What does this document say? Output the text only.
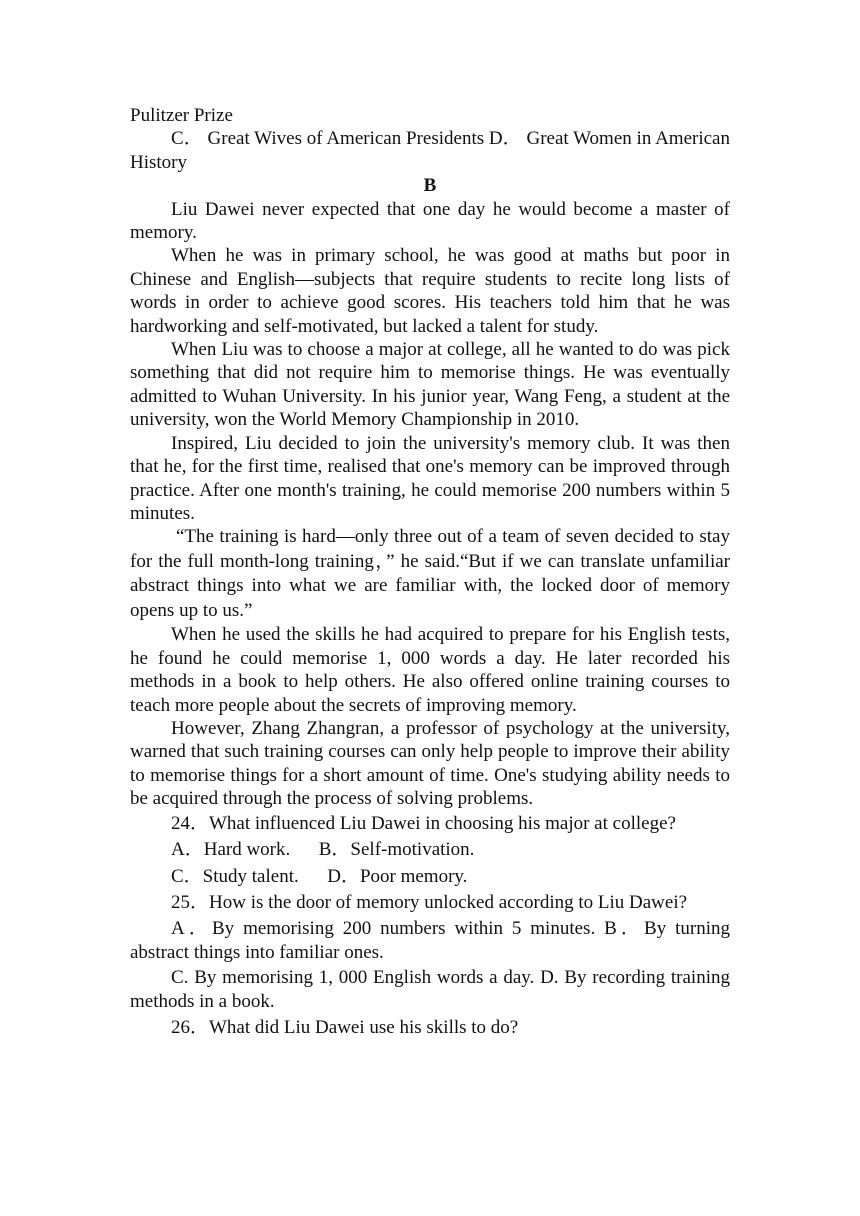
Pulitzer Prize

C． Great Wives of American Presidents D． Great Women in American History

B

Liu Dawei never expected that one day he would become a master of memory.

When he was in primary school, he was good at maths but poor in Chinese and English—subjects that require students to recite long lists of words in order to achieve good scores. His teachers told him that he was hardworking and self-motivated, but lacked a talent for study.

When Liu was to choose a major at college, all he wanted to do was pick something that did not require him to memorise things. He was eventually admitted to Wuhan University. In his junior year, Wang Feng, a student at the university, won the World Memory Championship in 2010.

Inspired, Liu decided to join the university's memory club. It was then that he, for the first time, realised that one's memory can be improved through practice. After one month's training, he could memorise 200 numbers within 5 minutes.

“The training is hard—only three out of a team of seven decided to stay for the full month-long training，” he said.“But if we can translate unfamiliar abstract things into what we are familiar with, the locked door of memory opens up to us.”

When he used the skills he had acquired to prepare for his English tests, he found he could memorise 1, 000 words a day. He later recorded his methods in a book to help others. He also offered online training courses to teach more people about the secrets of improving memory.

However, Zhang Zhangran, a professor of psychology at the university, warned that such training courses can only help people to improve their ability to memorise things for a short amount of time. One's studying ability needs to be acquired through the process of solving problems.

24．What influenced Liu Dawei in choosing his major at college?

A．Hard work.      B．Self-motivation.

C．Study talent.      D．Poor memory.

25．How is the door of memory unlocked according to Liu Dawei?

A．By memorising 200 numbers within 5 minutes. B．By turning abstract things into familiar ones.

C. By memorising 1, 000 English words a day. D. By recording training methods in a book.

26．What did Liu Dawei use his skills to do?
